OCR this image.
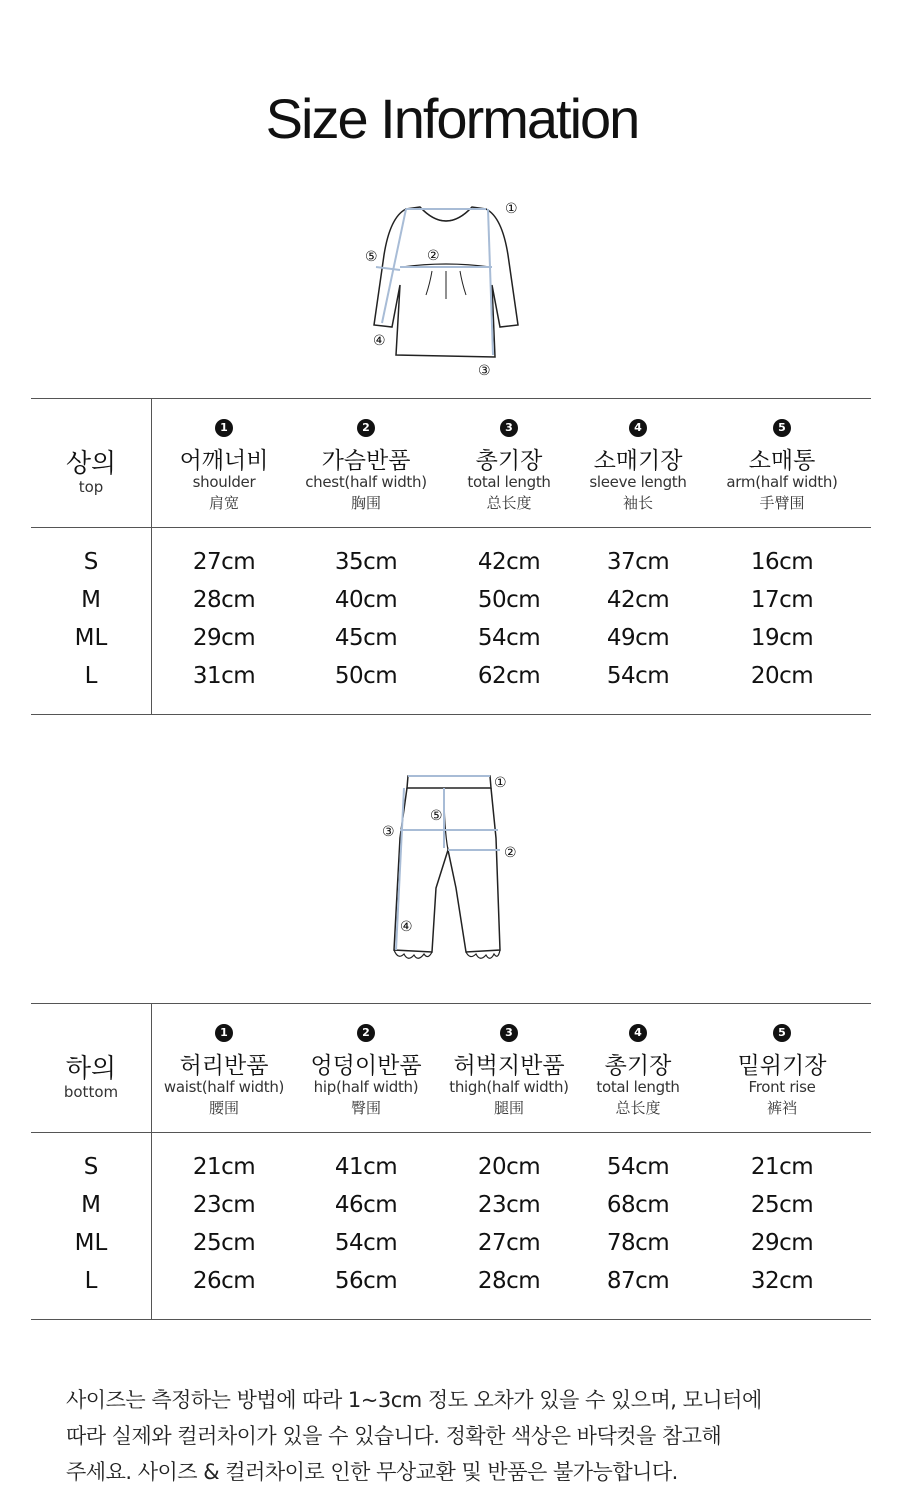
Size Information
①
②
③
④
⑤
상의
top
1
어깨너비
shoulder
肩宽
2
가슴반품
chest(half width)
胸围
3
총기장
total length
总长度
4
소매기장
sleeve length
袖长
5
소매통
arm(half width)
手臂围
S	27cm	35cm	42cm	37cm	16cm
M	28cm	40cm	50cm	42cm	17cm
ML	29cm	45cm	54cm	49cm	19cm
L	31cm	50cm	62cm	54cm	20cm
①
②
③
④
⑤
하의
bottom
1
허리반품
waist(half width)
腰围
2
엉덩이반품
hip(half width)
臀围
3
허벅지반품
thigh(half width)
腿围
4
총기장
total length
总长度
5
밑위기장
Front rise
裤裆
S	21cm	41cm	20cm	54cm	21cm
M	23cm	46cm	23cm	68cm	25cm
ML	25cm	54cm	27cm	78cm	29cm
L	26cm	56cm	28cm	87cm	32cm

사이즈는 측정하는 방법에 따라 1~3cm 정도 오차가 있을 수 있으며, 모니터에

따라 실제와 컬러차이가 있을 수 있습니다. 정확한 색상은 바닥컷을 참고해

주세요. 사이즈 & 컬러차이로 인한 무상교환 및 반품은 불가능합니다.
